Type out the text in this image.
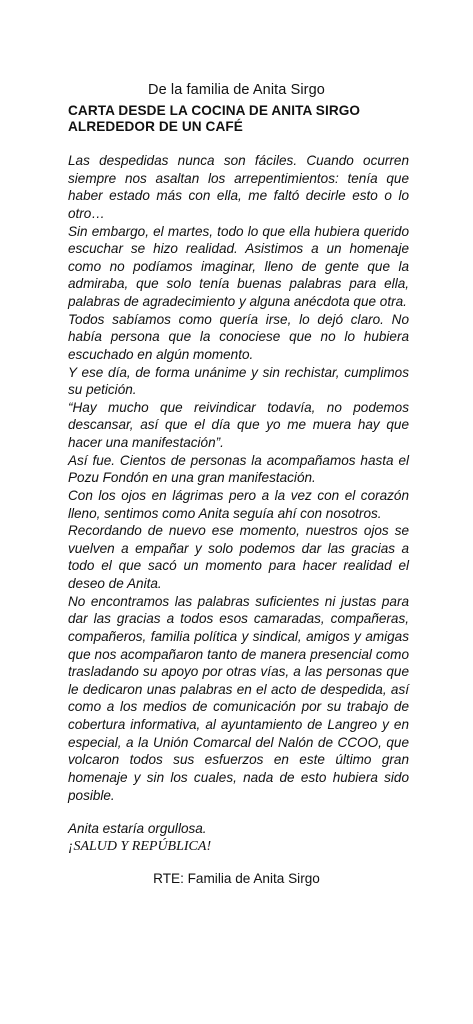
De la familia de Anita Sirgo
CARTA DESDE LA COCINA DE ANITA SIRGO
ALREDEDOR DE UN CAFÉ

Las despedidas nunca son fáciles. Cuando ocurren siempre nos asaltan los arrepentimientos: tenía que haber estado más con ella, me faltó decirle esto o lo otro…

Sin embargo, el martes, todo lo que ella hubiera querido escuchar se hizo realidad. Asistimos a un homenaje como no podíamos imaginar, lleno de gente que la admiraba, que solo tenía buenas palabras para ella, palabras de agradecimiento y alguna anécdota que otra.

Todos sabíamos como quería irse, lo dejó claro. No había persona que la conociese que no lo hubiera escuchado en algún momento.

Y ese día, de forma unánime y sin rechistar, cumplimos su petición.

“Hay mucho que reivindicar todavía, no podemos descansar, así que el día que yo me muera hay que hacer una manifestación”.

Así fue. Cientos de personas la acompañamos hasta el Pozu Fondón en una gran manifestación.

Con los ojos en lágrimas pero a la vez con el corazón lleno, sentimos como Anita seguía ahí con nosotros.

Recordando de nuevo ese momento, nuestros ojos se vuelven a empañar y solo podemos dar las gracias a todo el que sacó un momento para hacer realidad el deseo de Anita.

No encontramos las palabras suficientes ni justas para dar las gracias a todos esos camaradas, compañeras, compañeros, familia política y sindical, amigos y amigas que nos acompañaron tanto de manera presencial como trasladando su apoyo por otras vías, a las personas que le dedicaron unas palabras en el acto de despedida, así como a los medios de comunicación por su trabajo de cobertura informativa, al ayuntamiento de Langreo y en especial, a la Unión Comarcal del Nalón de CCOO, que volcaron todos sus esfuerzos en este último gran homenaje y sin los cuales, nada de esto hubiera sido posible.

Anita estaría orgullosa.

¡SALUD Y REPÚBLICA!

RTE: Familia de Anita Sirgo
